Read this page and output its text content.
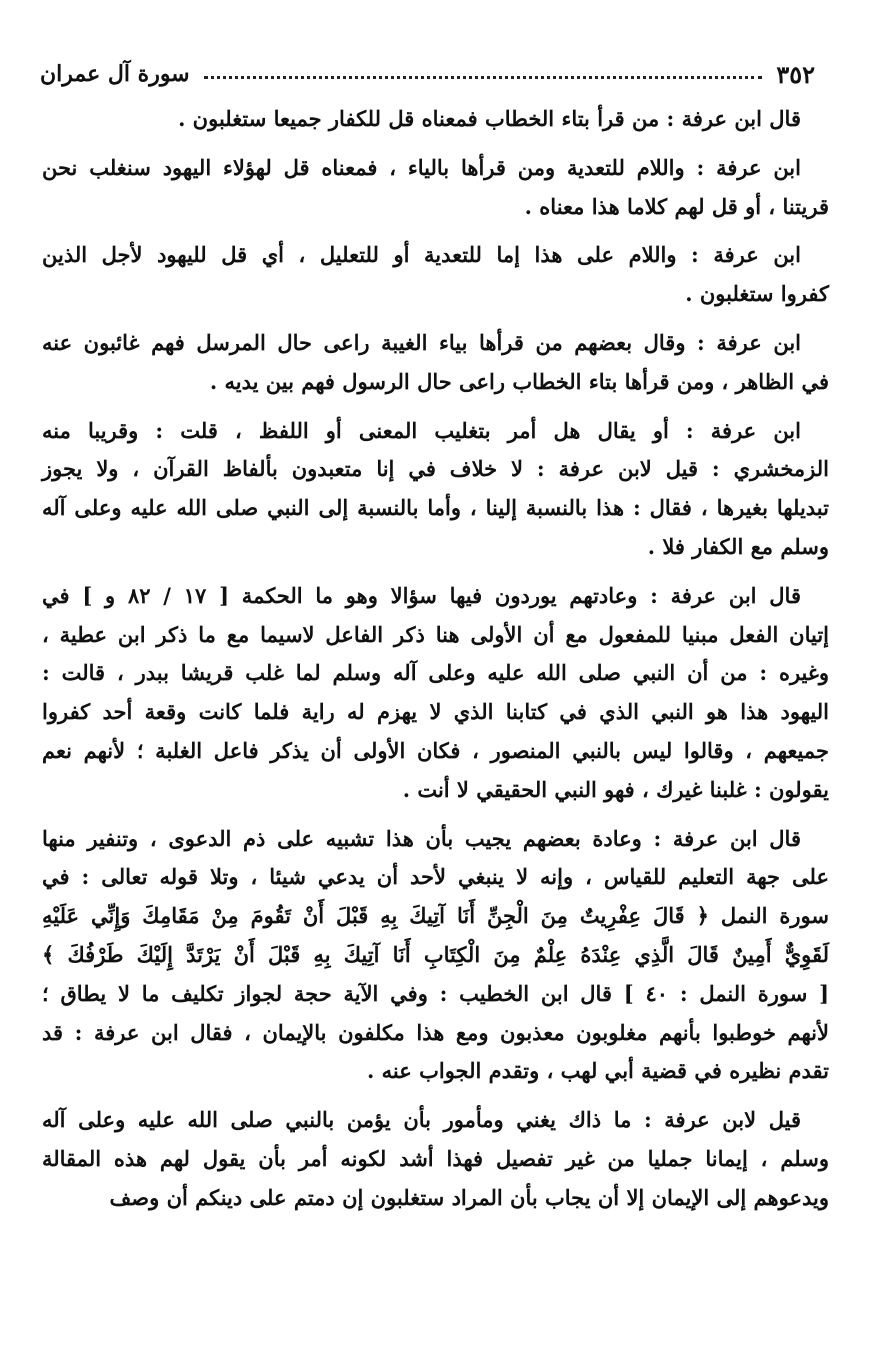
٣٥٢
سورة آل عمران
قال ابن عرفة : من قرأ بتاء الخطاب فمعناه قل للكفار جميعا ستغلبون .
ابن عرفة : واللام للتعدية ومن قرأها بالياء ، فمعناه قل لهؤلاء اليهود سنغلب نحن
قريتنا ، أو قل لهم كلاما هذا معناه .
ابن عرفة : واللام على هذا إما للتعدية أو للتعليل ، أي قل لليهود لأجل الذين
كفروا ستغلبون .
ابن عرفة : وقال بعضهم من قرأها بياء الغيبة راعى حال المرسل فهم غائبون عنه
في الظاهر ، ومن قرأها بتاء الخطاب راعى حال الرسول فهم بين يديه .
ابن عرفة : أو يقال هل أمر بتغليب المعنى أو اللفظ ، قلت : وقريبا منه
الزمخشري : قيل لابن عرفة : لا خلاف في إنا متعبدون بألفاظ القرآن ، ولا يجوز
تبديلها بغيرها ، فقال : هذا بالنسبة إلينا ، وأما بالنسبة إلى النبي صلى الله عليه وعلى آله
وسلم مع الكفار فلا .
قال ابن عرفة : وعادتهم يوردون فيها سؤالا وهو ما الحكمة [ ١٧ / ٨٢ و ] في
إتيان الفعل مبنيا للمفعول مع أن الأولى هنا ذكر الفاعل لاسيما مع ما ذكر ابن عطية ،
وغيره : من أن النبي صلى الله عليه وعلى آله وسلم لما غلب قريشا ببدر ، قالت :
اليهود هذا هو النبي الذي في كتابنا الذي لا يهزم له راية فلما كانت وقعة أحد كفروا
جميعهم ، وقالوا ليس بالنبي المنصور ، فكان الأولى أن يذكر فاعل الغلبة ؛ لأنهم نعم
يقولون : غلبنا غيرك ، فهو النبي الحقيقي لا أنت .
قال ابن عرفة : وعادة بعضهم يجيب بأن هذا تشبيه على ذم الدعوى ، وتنفير منها
على جهة التعليم للقياس ، وإنه لا ينبغي لأحد أن يدعي شيئا ، وتلا قوله تعالى : في
سورة النمل ﴿ قَالَ عِفْرِيتٌ مِنَ الْجِنِّ أَنَا آتِيكَ بِهِ قَبْلَ أَنْ تَقُومَ مِنْ مَقَامِكَ وَإِنِّي عَلَيْهِ
لَقَوِيٌّ أَمِينٌ قَالَ الَّذِي عِنْدَهُ عِلْمٌ مِنَ الْكِتَابِ أَنَا آتِيكَ بِهِ قَبْلَ أَنْ يَرْتَدَّ إِلَيْكَ طَرْفُكَ ﴾
[ سورة النمل : ٤٠ ] قال ابن الخطيب : وفي الآية حجة لجواز تكليف ما لا يطاق ؛
لأنهم خوطبوا بأنهم مغلوبون معذبون ومع هذا مكلفون بالإيمان ، فقال ابن عرفة : قد
تقدم نظيره في قضية أبي لهب ، وتقدم الجواب عنه .
قيل لابن عرفة : ما ذاك يغني ومأمور بأن يؤمن بالنبي صلى الله عليه وعلى آله
وسلم ، إيمانا جمليا من غير تفصيل فهذا أشد لكونه أمر بأن يقول لهم هذه المقالة
ويدعوهم إلى الإيمان إلا أن يجاب بأن المراد ستغلبون إن دمتم على دينكم أن وصف
